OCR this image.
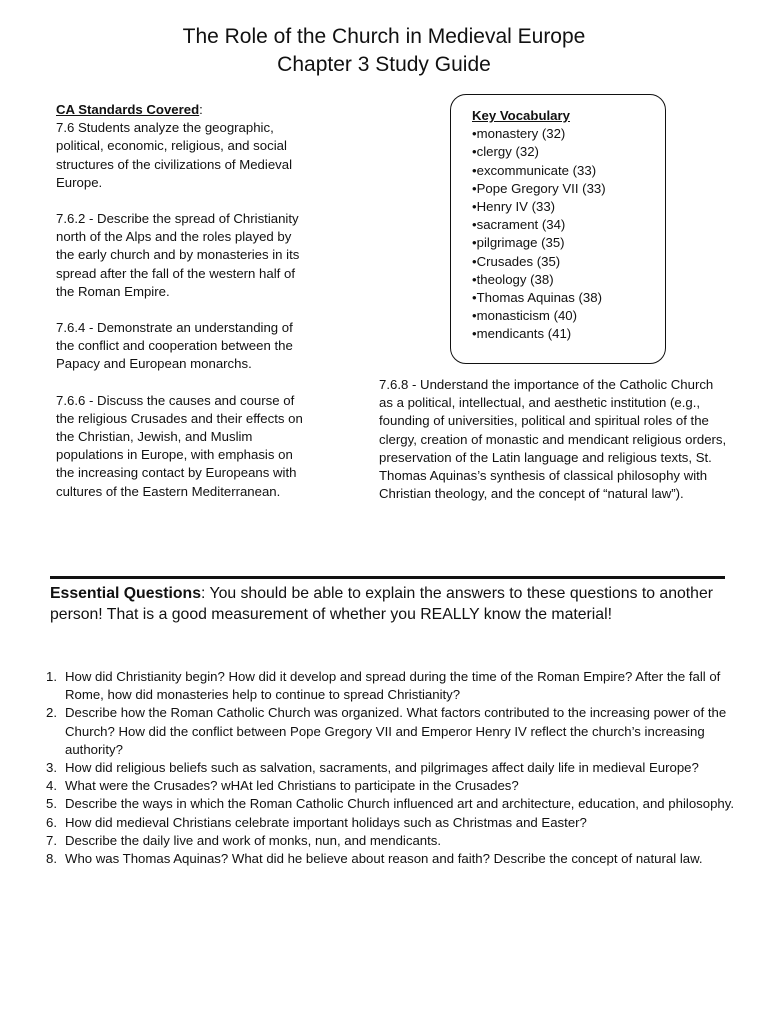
The Role of the Church in Medieval Europe
Chapter 3 Study Guide
CA Standards Covered:

7.6 Students analyze the geographic, political, economic, religious, and social structures of the civilizations of Medieval Europe.

7.6.2 - Describe the spread of Christianity north of the Alps and the roles played by the early church and by monasteries in its spread after the fall of the western half of the Roman Empire.

7.6.4 - Demonstrate an understanding of the conflict and cooperation between the Papacy and European monarchs.

7.6.6 - Discuss the causes and course of the religious Crusades and their effects on the Christian, Jewish, and Muslim populations in Europe, with emphasis on the increasing contact by Europeans with cultures of the Eastern Mediterranean.

Key Vocabulary
• monastery (32)
• clergy (32)
• excommunicate (33)
• Pope Gregory VII (33)
• Henry IV (33)
• sacrament (34)
• pilgrimage (35)
• Crusades (35)
• theology (38)
• Thomas Aquinas (38)
• monasticism (40)
• mendicants (41)

7.6.8 - Understand the importance of the Catholic Church as a political, intellectual, and aesthetic institution (e.g., founding of universities, political and spiritual roles of the clergy, creation of monastic and mendicant religious orders, preservation of the Latin language and religious texts, St. Thomas Aquinas’s synthesis of classical philosophy with Christian theology, and the concept of “natural law”).

Essential Questions: You should be able to explain the answers to these questions to another person! That is a good measurement of whether you REALLY know the material!

1. How did Christianity begin? How did it develop and spread during the time of the Roman Empire? After the fall of Rome, how did monasteries help to continue to spread Christianity?
2. Describe how the Roman Catholic Church was organized. What factors contributed to the increasing power of the Church? How did the conflict between Pope Gregory VII and Emperor Henry IV reflect the church’s increasing authority?
3. How did religious beliefs such as salvation, sacraments, and pilgrimages affect daily life in medieval Europe?
4. What were the Crusades? wHAt led Christians to participate in the Crusades?
5. Describe the ways in which the Roman Catholic Church influenced art and architecture, education, and philosophy.
6. How did medieval Christians celebrate important holidays such as Christmas and Easter?
7. Describe the daily live and work of monks, nun, and mendicants.
8. Who was Thomas Aquinas? What did he believe about reason and faith? Describe the concept of natural law.
